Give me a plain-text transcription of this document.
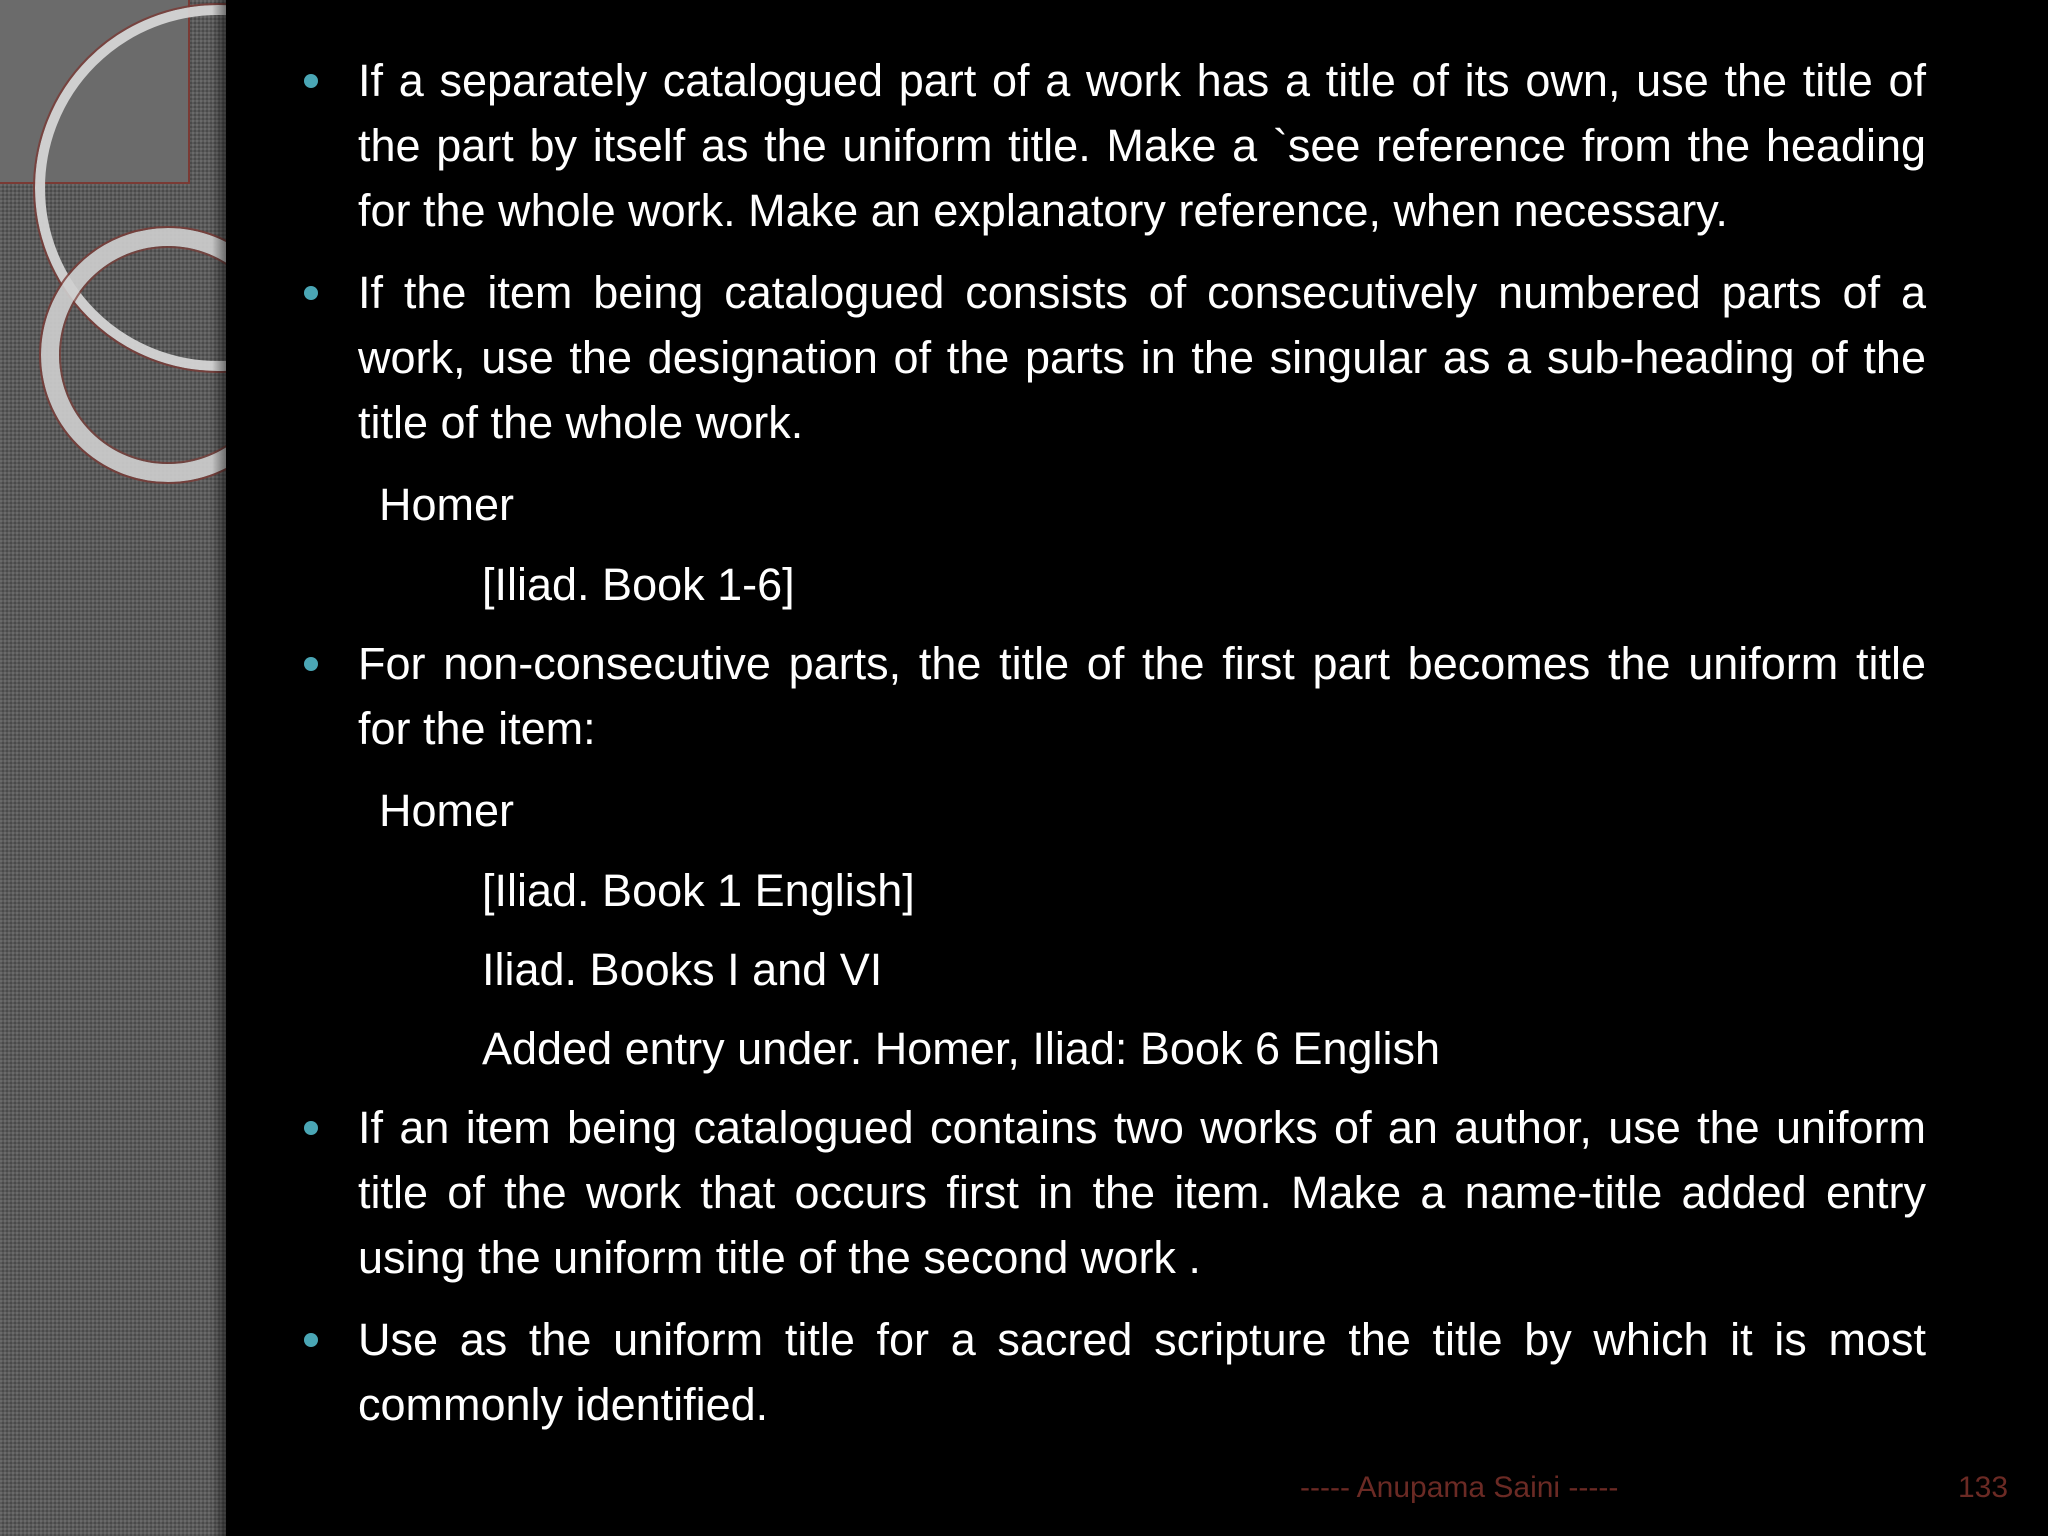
If a separately catalogued part of a work has a title of its own, use the title of the part by itself as the uniform title. Make a `see reference from the heading for the whole work. Make an explanatory reference, when necessary.
If the item being catalogued consists of consecutively numbered parts of a work, use the designation of the parts in the singular as a sub-heading of the title of the whole work.
Homer
[Iliad. Book 1-6]
For non-consecutive parts, the title of the first part becomes the uniform title for the item:
Homer
[Iliad. Book 1 English]
Iliad. Books I and VI
Added entry under. Homer, Iliad: Book 6 English
If an item being catalogued contains two works of an author, use the uniform title of the work that occurs first in the item. Make a name-title added entry using the uniform title of the second work .
Use as the uniform title for a sacred scripture the title by which it is most commonly identified.
----- Anupama Saini -----	133
